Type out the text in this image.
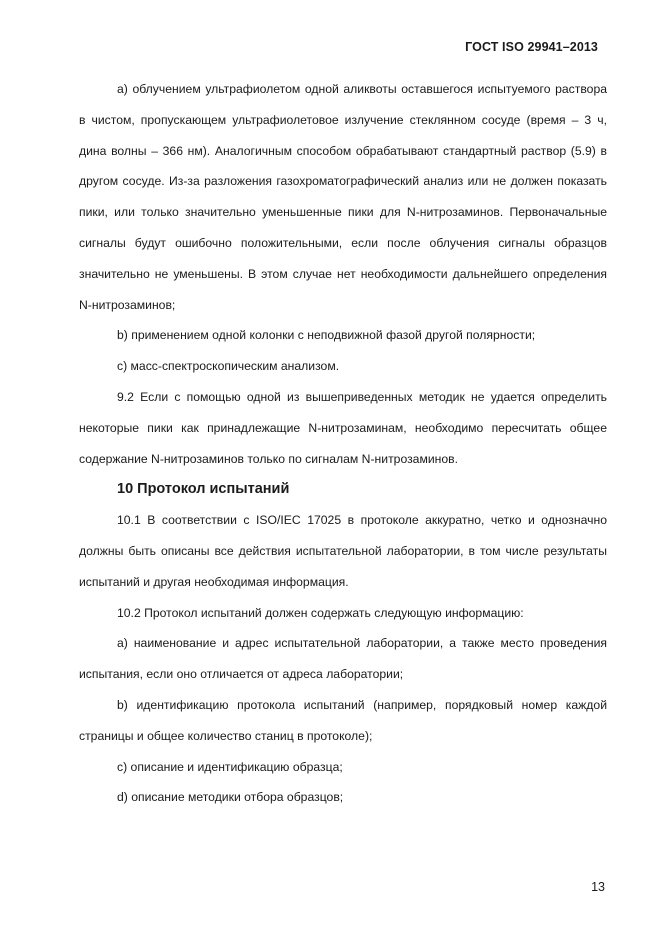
ГОСТ ISO 29941–2013

а) облучением ультрафиолетом одной аликвоты оставшегося испытуемого раствора в чистом, пропускающем ультрафиолетовое излучение стеклянном сосуде (время – 3 ч, дина волны – 366 нм). Аналогичным способом обрабатывают стандартный раствор (5.9) в другом сосуде. Из-за разложения газохроматографический анализ или не должен показать пики, или только значительно уменьшенные пики для N-нитрозаминов. Первоначальные сигналы будут ошибочно положительными, если после облучения сигналы образцов значительно не уменьшены. В этом случае нет необходимости дальнейшего определения N-нитрозаминов;

b) применением одной колонки с неподвижной фазой другой полярности;

с) масс-спектроскопическим анализом.

9.2 Если с помощью одной из вышеприведенных методик не удается определить некоторые пики как принадлежащие N-нитрозаминам, необходимо пересчитать общее содержание N-нитрозаминов только по сигналам N-нитрозаминов.

10 Протокол испытаний

10.1 В соответствии с ISO/IEC 17025 в протоколе аккуратно, четко и однозначно должны быть описаны все действия испытательной лаборатории, в том числе результаты испытаний и другая необходимая информация.

10.2 Протокол испытаний должен содержать следующую информацию:

а) наименование и адрес испытательной лаборатории, а также место проведения испытания, если оно отличается от адреса лаборатории;

b) идентификацию протокола испытаний (например, порядковый номер каждой страницы и общее количество станиц в протоколе);

с) описание и идентификацию образца;

d) описание методики отбора образцов;

13
